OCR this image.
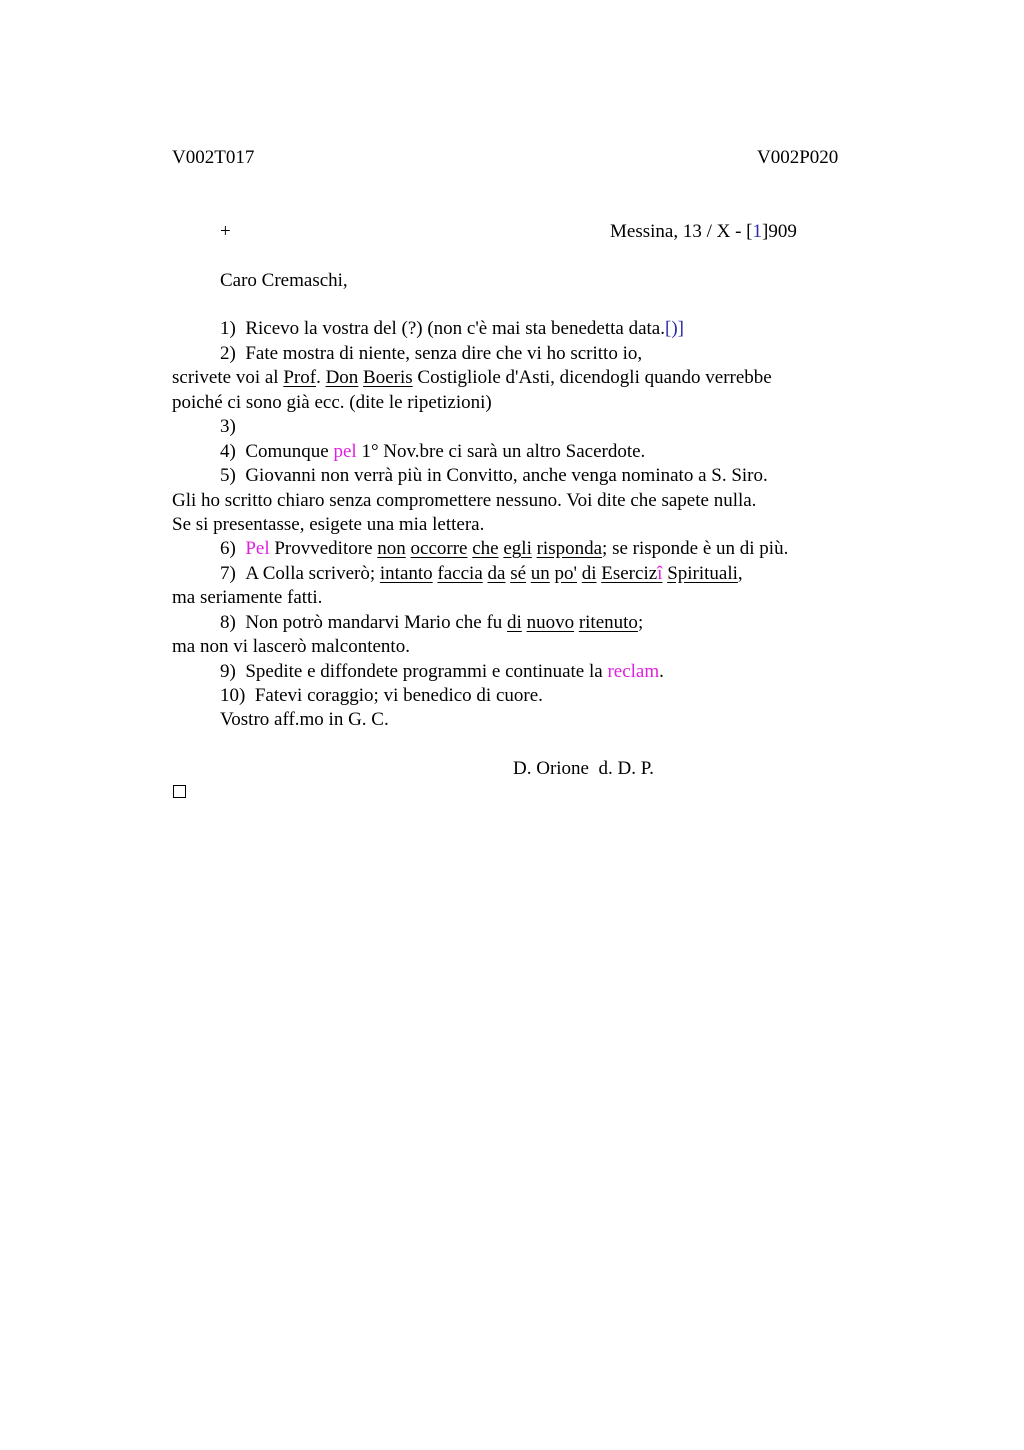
V002T017	V002P020
+	Messina, 13 / X - [1]909
Caro Cremaschi,
1) Ricevo la vostra del (?) (non c'è mai sta benedetta data.[)]
2) Fate mostra di niente, senza dire che vi ho scritto io,
scrivete voi al Prof. Don Boeris Costigliole d'Asti, dicendogli quando verrebbe
poiché ci sono già ecc. (dite le ripetizioni)
3)
4) Comunque pel 1° Nov.bre ci sarà un altro Sacerdote.
5) Giovanni non verrà più in Convitto, anche venga nominato a S. Siro.
Gli ho scritto chiaro senza compromettere nessuno. Voi dite che sapete nulla.
Se si presentasse, esigete una mia lettera.
6) Pel Provveditore non occorre che egli risponda; se risponde è un di più.
7) A Colla scriverò; intanto faccia da sé un po' di Esercizî Spirituali,
ma seriamente fatti.
8) Non potrò mandarvi Mario che fu di nuovo ritenuto;
ma non vi lascerò malcontento.
9) Spedite e diffondete programmi e continuate la reclam.
10) Fatevi coraggio; vi benedico di cuore.
Vostro aff.mo in G. C.
D. Orione  d. D. P.
